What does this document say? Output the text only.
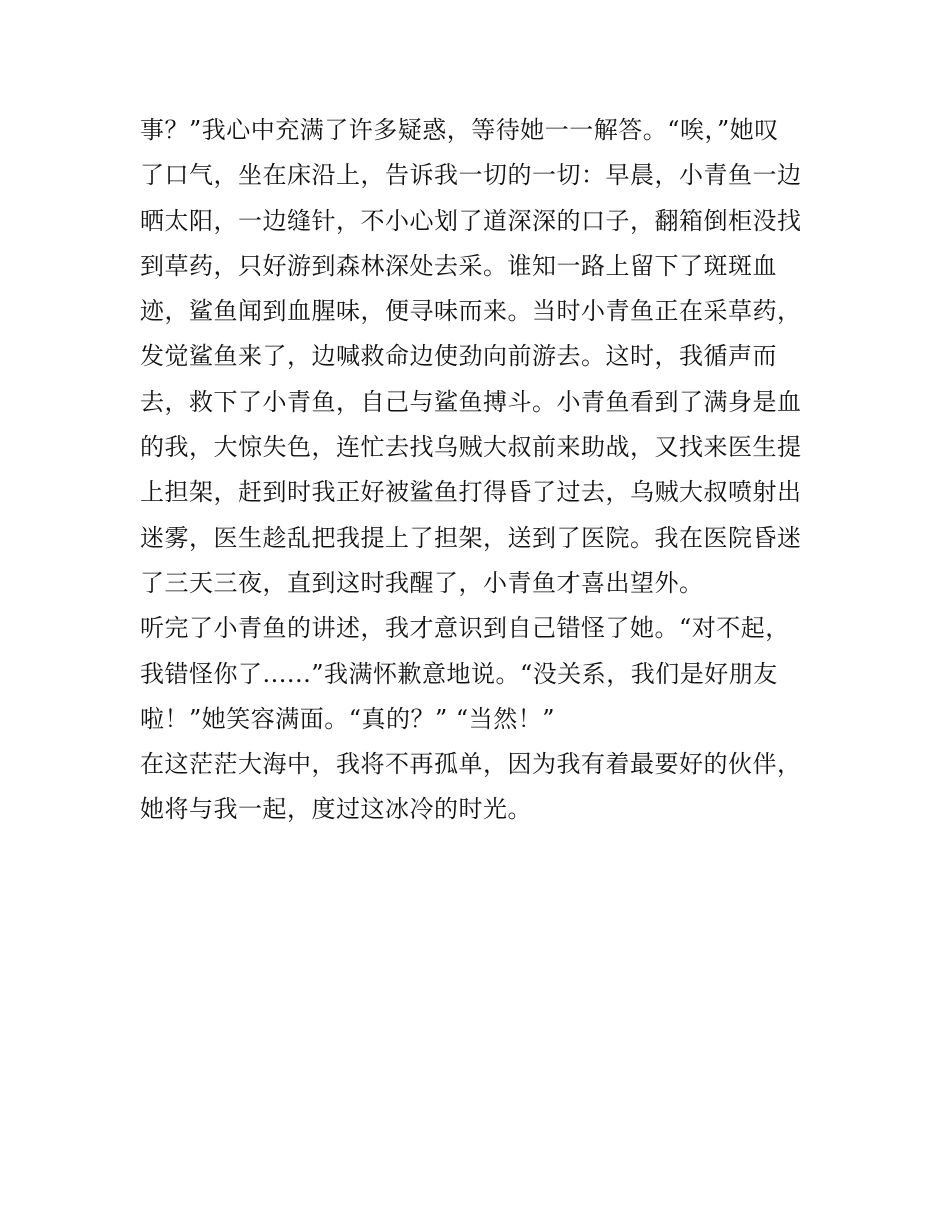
事？”我心中充满了许多疑惑，等待她一一解答。“唉，”她叹
了口气，坐在床沿上，告诉我一切的一切：早晨，小青鱼一边
晒太阳，一边缝针，不小心划了道深深的口子，翻箱倒柜没找
到草药，只好游到森林深处去采。谁知一路上留下了斑斑血
迹，鲨鱼闻到血腥味，便寻味而来。当时小青鱼正在采草药，
发觉鲨鱼来了，边喊救命边使劲向前游去。这时，我循声而
去，救下了小青鱼，自己与鲨鱼搏斗。小青鱼看到了满身是血
的我，大惊失色，连忙去找乌贼大叔前来助战，又找来医生提
上担架，赶到时我正好被鲨鱼打得昏了过去，乌贼大叔喷射出
迷雾，医生趁乱把我提上了担架，送到了医院。我在医院昏迷
了三天三夜，直到这时我醒了，小青鱼才喜出望外。
听完了小青鱼的讲述，我才意识到自己错怪了她。“对不起，
我错怪你了......”我满怀歉意地说。“没关系，我们是好朋友
啦！”她笑容满面。“真的？” “当然！”
在这茫茫大海中，我将不再孤单，因为我有着最要好的伙伴，
她将与我一起，度过这冰冷的时光。
